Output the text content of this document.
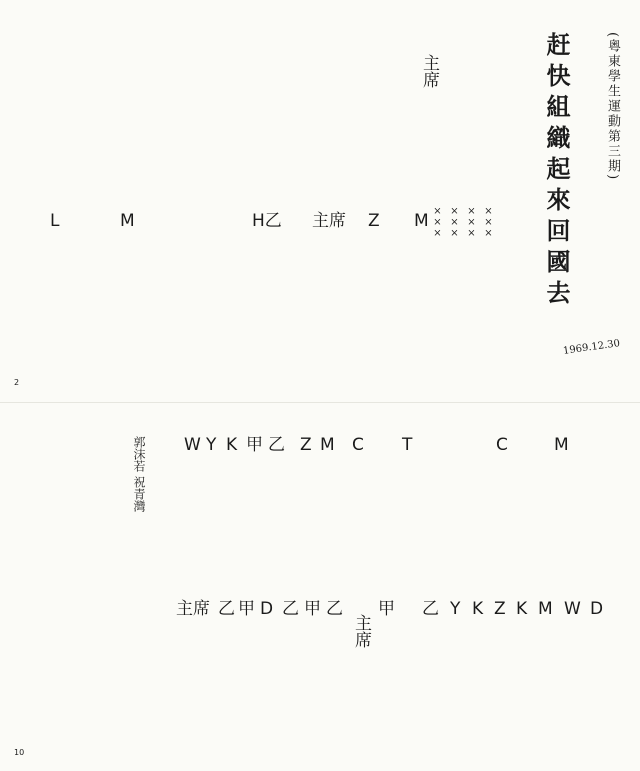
赶快組織起來回國去	(粵東學生運動第三期)
1969.12.30
×××
×××
×××
×××
主席
L	M	H乙 主席 Z M
2
W Y K 甲 乙 Z M C T	C	M
主席 乙 甲 D 乙 甲 乙
主席
甲 乙 Y K Z K M W D
郭沫若 祝青灣
10
